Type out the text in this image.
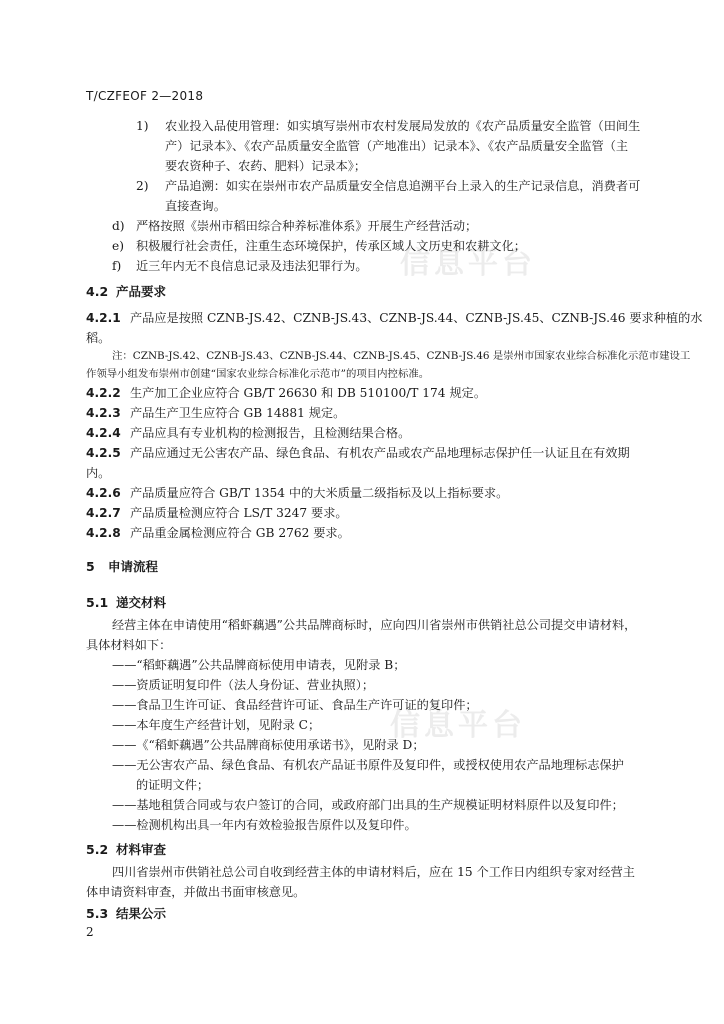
信息平台
信息平台
T/CZFEOF 2—2018
1) 农业投入品使用管理：如实填写崇州市农村发展局发放的《农产品质量安全监管（田间生
产）记录本》、《农产品质量安全监管（产地准出）记录本》、《农产品质量安全监管（主
要农资种子、农药、肥料）记录本》；
2) 产品追溯：如实在崇州市农产品质量安全信息追溯平台上录入的生产记录信息，消费者可
直接查询。
d) 严格按照《崇州市稻田综合种养标准体系》开展生产经营活动；
e) 积极履行社会责任，注重生态环境保护，传承区域人文历史和农耕文化；
f) 近三年内无不良信息记录及违法犯罪行为。
4.2 产品要求
4.2.1 产品应是按照 CZNB-JS.42、CZNB-JS.43、CZNB-JS.44、CZNB-JS.45、CZNB-JS.46 要求种植的水
稻。
注：CZNB-JS.42、CZNB-JS.43、CZNB-JS.44、CZNB-JS.45、CZNB-JS.46 是崇州市国家农业综合标准化示范市建设工
作领导小组发布崇州市创建“国家农业综合标准化示范市”的项目内控标准。
4.2.2 生产加工企业应符合 GB/T 26630 和 DB 510100/T 174 规定。
4.2.3 产品生产卫生应符合 GB 14881 规定。
4.2.4 产品应具有专业机构的检测报告，且检测结果合格。
4.2.5 产品应通过无公害农产品、绿色食品、有机农产品或农产品地理标志保护任一认证且在有效期
内。
4.2.6 产品质量应符合 GB/T 1354 中的大米质量二级指标及以上指标要求。
4.2.7 产品质量检测应符合 LS/T 3247 要求。
4.2.8 产品重金属检测应符合 GB 2762 要求。
5 申请流程
5.1 递交材料
经营主体在申请使用“稻虾藕遇”公共品牌商标时，应向四川省崇州市供销社总公司提交申请材料，
具体材料如下：
——“稻虾藕遇”公共品牌商标使用申请表，见附录 B；
——资质证明复印件（法人身份证、营业执照）；
——食品卫生许可证、食品经营许可证、食品生产许可证的复印件；
——本年度生产经营计划，见附录 C；
——《“稻虾藕遇”公共品牌商标使用承诺书》，见附录 D；
——无公害农产品、绿色食品、有机农产品证书原件及复印件，或授权使用农产品地理标志保护
的证明文件；
——基地租赁合同或与农户签订的合同，或政府部门出具的生产规模证明材料原件以及复印件；
——检测机构出具一年内有效检验报告原件以及复印件。
5.2 材料审查
四川省崇州市供销社总公司自收到经营主体的申请材料后，应在 15 个工作日内组织专家对经营主
体申请资料审查，并做出书面审核意见。
5.3 结果公示
2
